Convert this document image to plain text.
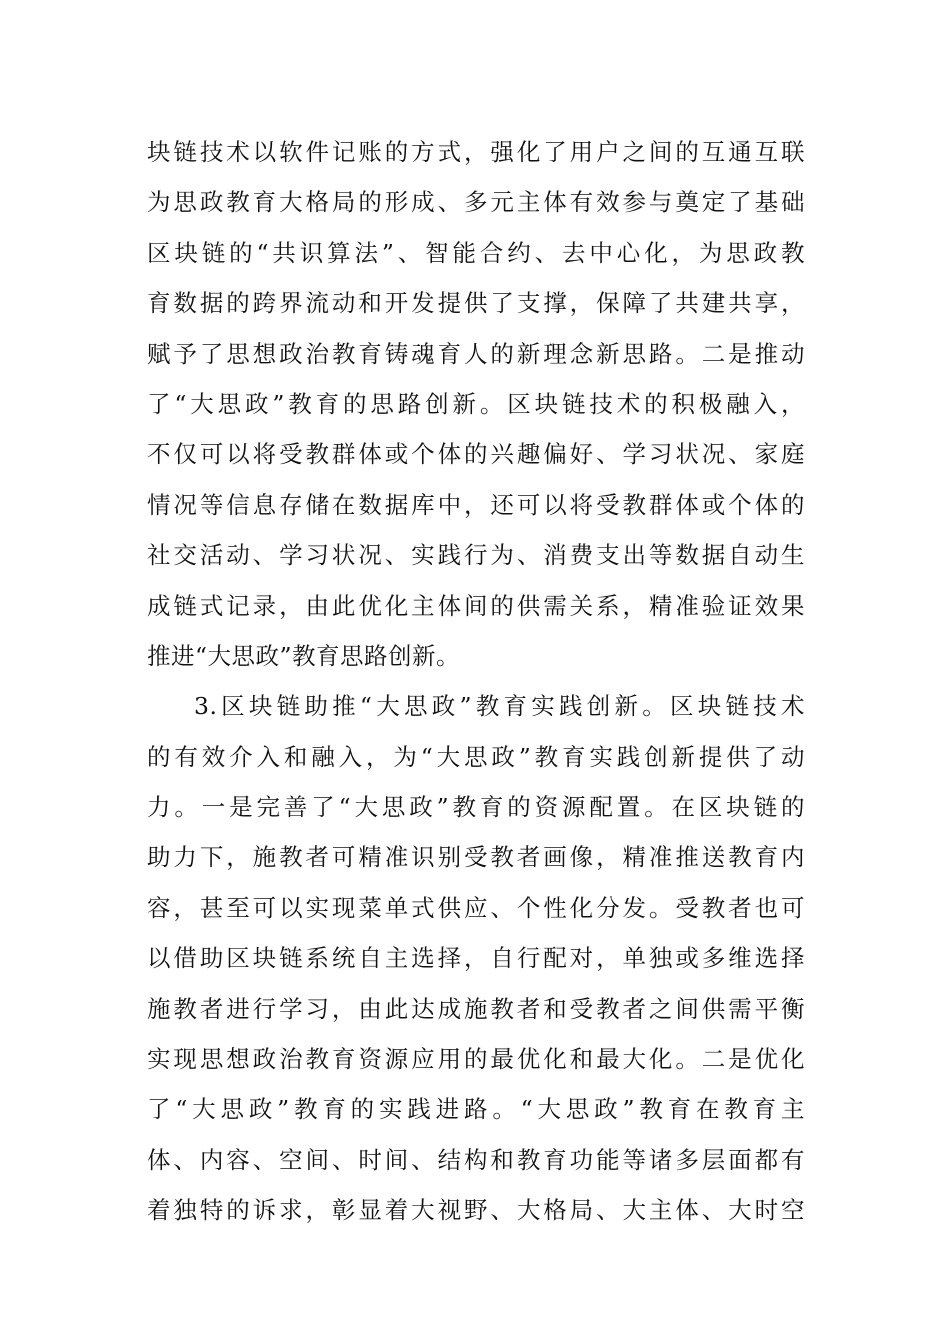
块链技术以软件记账的方式，强化了用户之间的互通互联
为思政教育大格局的形成、多元主体有效参与奠定了基础
区块链的“共识算法”、智能合约、去中心化，为思政教
育数据的跨界流动和开发提供了支撑，保障了共建共享，
赋予了思想政治教育铸魂育人的新理念新思路。二是推动
了“大思政”教育的思路创新。区块链技术的积极融入，
不仅可以将受教群体或个体的兴趣偏好、学习状况、家庭
情况等信息存储在数据库中，还可以将受教群体或个体的
社交活动、学习状况、实践行为、消费支出等数据自动生
成链式记录，由此优化主体间的供需关系，精准验证效果
推进“大思政”教育思路创新。
3.区块链助推“大思政”教育实践创新。区块链技术
的有效介入和融入，为“大思政”教育实践创新提供了动
力。一是完善了“大思政”教育的资源配置。在区块链的
助力下，施教者可精准识别受教者画像，精准推送教育内
容，甚至可以实现菜单式供应、个性化分发。受教者也可
以借助区块链系统自主选择，自行配对，单独或多维选择
施教者进行学习，由此达成施教者和受教者之间供需平衡
实现思想政治教育资源应用的最优化和最大化。二是优化
了“大思政”教育的实践进路。“大思政”教育在教育主
体、内容、空间、时间、结构和教育功能等诸多层面都有
着独特的诉求，彰显着大视野、大格局、大主体、大时空
